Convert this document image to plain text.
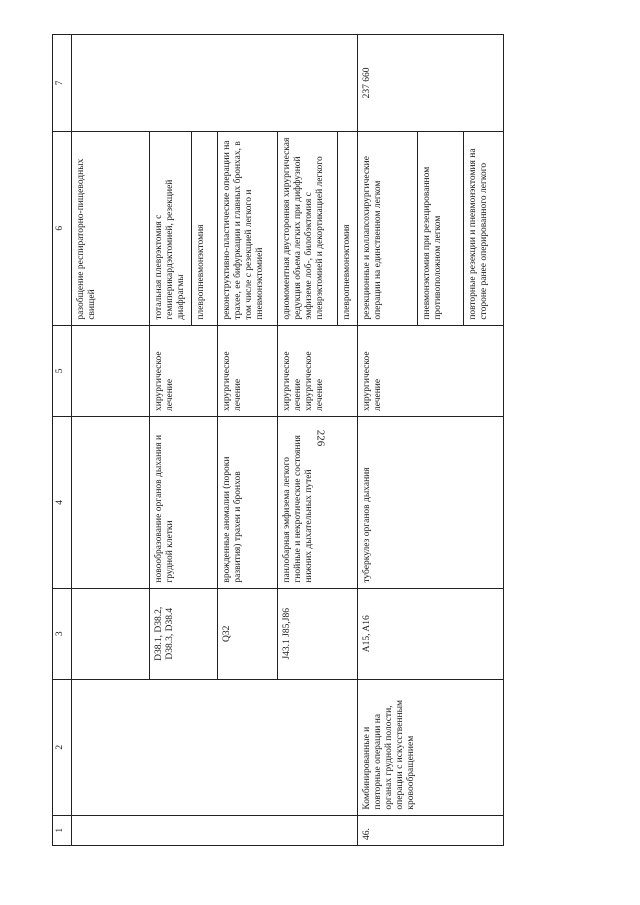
226
1	2	3	4	5	6	7
					разобщение респираторно-пищеводных свищей	
		D38.1, D38.2, D38.3, D38.4	новообразование органов дыхания и грудной клетки	хирургическое лечение	тотальная плеврэктомия с гемиперикардэктомией, резекцией диафрагмы	
					плевропневмонэктомия	
		Q32	врожденные аномалии (пороки развития) трахеи и бронхов	хирургическое лечение	реконструктивно-пластические операции на трахее, ее бифуркации и главных бронхах, в том числе с резекцией легкого и пневмонэктомией	
		J43.1 J85,J86	панлобарная эмфизема легкого гнойные и некротические состояния нижних дыхательных путей	хирургическое лечение хирургическое лечение	одномоментная двусторонняя хирургическая редукция объема легких при диффузной эмфиземе лоб-, билобэктомия с плеврэктомией и декортикацией легкого	
					плевропневмонэктомия	
46.	Комбинированные и повторные операции на органах грудной полости, операции с искусственным кровообращением	A15, A16	туберкулез органов дыхания	хирургическое лечение	резекционные и коллапсохирургические операции на единственном легком	237 660
					пневмонэктомия при резецированном противоположном легком	
					повторные резекции и пневмонэктомия на стороне ранее оперированного легкого	
